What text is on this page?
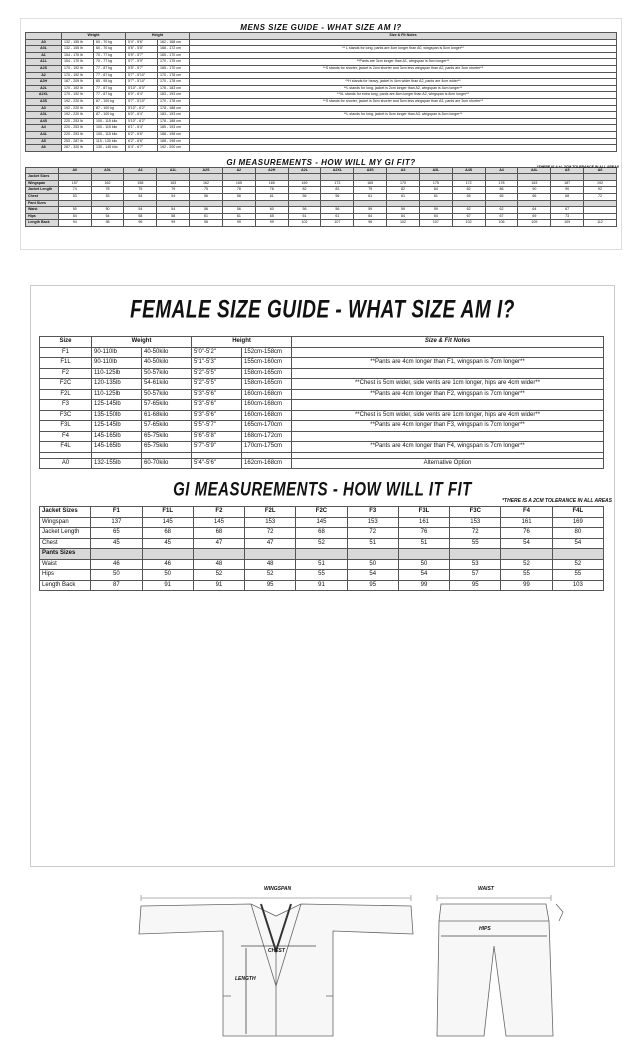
MENS SIZE GUIDE - WHAT SIZE AM I?
	Weight		Height		Size & Fit Notes
A0	132 - 155 lb	60 - 70 kg	5'4" - 5'6"	162 - 168 cm	
A0L	132 - 155 lb	60 - 70 kg	5'6" - 5'8"	168 - 172 cm	** L stands for long, pants are 4cm longer than A0, wingspan is 5cm longer**
A1	154 - 170 lb	70 - 77 kg	5'5" - 5'7"	165 - 170 cm	
A1L	154 - 170 lb	70 - 77 kg	5'7" - 5'9"	170 - 175 cm	**Pants are 3cm longer than A1, wingspan is 5cm longer**
A2S	170 - 192 lb	77 - 87 kg	5'5" - 5'7"	165 - 170 cm	**S stands for shorter, jacket is 2cm shorter and 3cm less wingspan than A2, pants are 3cm shorter**
A2	170 - 192 lb	77 - 87 kg	5'7" - 5'10"	170 - 178 cm	
A2H	187 - 209 lb	85 - 95 kg	5'7" - 5'10"	170 - 178 cm	**H stands for heavy, jacket is 4cm wider than A2, pants are 4cm wider**
A2L	170 - 192 lb	77 - 87 kg	5'10" - 6'0"	178 - 183 cm	**L stands for long, jacket is 2cm longer than A2, wingspan is 4cm longer**
A2XL	170 - 192 lb	77 - 87 kg	6'0" - 6'4"	183 - 193 cm	**XL stands for extra long, pants are 8cm longer than A2, wingspan is 8cm longer**
A3S	192 - 220 lb	87 - 100 kg	5'7" - 5'10"	170 - 178 cm	**S stands for shorter, jacket is 5cm shorter and 5cm less wingspan than A3, pants are 3cm shorter**
A3	192 - 220 lb	87 - 100 kg	5'10" - 6'2"	178 - 188 cm	
A3L	192 - 220 lb	87 - 100 kg	6'0" - 6'4"	183 - 193 cm	**L stands for long, jacket is 5cm longer than A3, wingspan is 5cm longer**
A4S	220 - 253 lb	100 - 115 kilo	5'10" - 6'2"	178 - 188 cm	
A4	220 - 253 lb	100 - 115 kilo	6'1" - 6'4"	185 - 193 cm	
A4L	220 - 253 lb	100 - 115 kilo	6'2" - 6'6"	188 - 198 cm	
A5	253 - 287 lb	115 - 130 kilo	6'2" - 6'6"	188 - 198 cm	
A6	287 - 320 lb	130 - 145 kilo	6'4" - 6'7"	192 - 200 cm	
GI MEASUREMENTS - HOW WILL MY GI FIT?	*THERE IS A +/- 2CM TOLERANCE IN ALL AREAS
	A0	A0L	A1	A1L	A2S	A2	A2H	A2L	A2XL	A3S	A3	A3L	A4S	A4	A4L	A5	A6
Jacket Sizes																	
Wingspan	157	162	158	163	162	165	165	169	173	165	170	175	172	178	183	187	192
Jacket Length	74	78	75	79	75	78	78	82	83	79	82	84	82	86	90	90	92
Chest	53	53	54	54	56	56	61	56	56	61	61	61	65	65	66	68	72
Pant Sizes																	
Waist	50	50	54	54	56	56	60	56	56	59	59	59	62	62	64	67	
Hips	54	54	58	58	61	61	65	61	61	64	64	64	67	67	69	73	
Length Back	94	98	96	99	96	99	99	102	107	96	102	107	102	106	109	109	112
FEMALE SIZE GUIDE - WHAT SIZE AM I?
Size	Weight		Height		Size & Fit Notes
F1	90-110lb	40-50kilo	5'0"-5'2"	152cm-158cm	
F1L	90-110lb	40-50kilo	5'1"-5'3"	155cm-160cm	**Pants are 4cm longer than F1, wingspan is 7cm longer**
F2	110-125lb	50-57kilo	5'2"-5'5"	158cm-165cm	
F2C	120-135lb	54-61kilo	5'2"-5'5"	158cm-165cm	**Chest is 5cm wider, side vents are 1cm longer, hips are 4cm wider**
F2L	110-125lb	50-57kilo	5'3"-5'6"	160cm-168cm	**Pants are 4cm longer than F2, wingspan is 7cm longer**
F3	125-145lb	57-65kilo	5'3"-5'6"	160cm-168cm	
F3C	135-150lb	61-68kilo	5'3"-5'6"	160cm-168cm	**Chest is 5cm wider, side vents are 1cm longer, hips are 4cm wider**
F3L	125-145lb	57-65kilo	5'5"-5'7"	165cm-170cm	**Pants are 4cm longer than F3, wingspan is 7cm longer**
F4	145-165lb	65-75kilo	5'6"-5'8"	168cm-172cm	
F4L	145-165lb	65-75kilo	5'7"-5'9"	170cm-175cm	**Pants are 4cm longer than F4, wingspan is 7cm longer**

A0	132-155lb	60-70kilo	5'4"-5'6"	162cm-168cm	Alternative Option
GI MEASUREMENTS - HOW WILL IT FIT
*THERE IS A 2CM TOLERANCE IN ALL AREAS
Jacket Sizes	F1	F1L	F2	F2L	F2C	F3	F3L	F3C	F4	F4L
Wingspan	137	145	145	153	145	153	161	153	161	169
Jacket Length	65	68	68	72	68	72	76	72	76	80
Chest	45	45	47	47	52	51	51	55	54	54
Pants Sizes										
Waist	46	46	48	48	51	50	50	53	52	52
Hips	50	50	52	52	55	54	54	57	55	55
Length Back	87	91	91	95	91	95	99	95	99	103
WINGSPAN
CHEST
LENGTH
WAIST
HIPS
